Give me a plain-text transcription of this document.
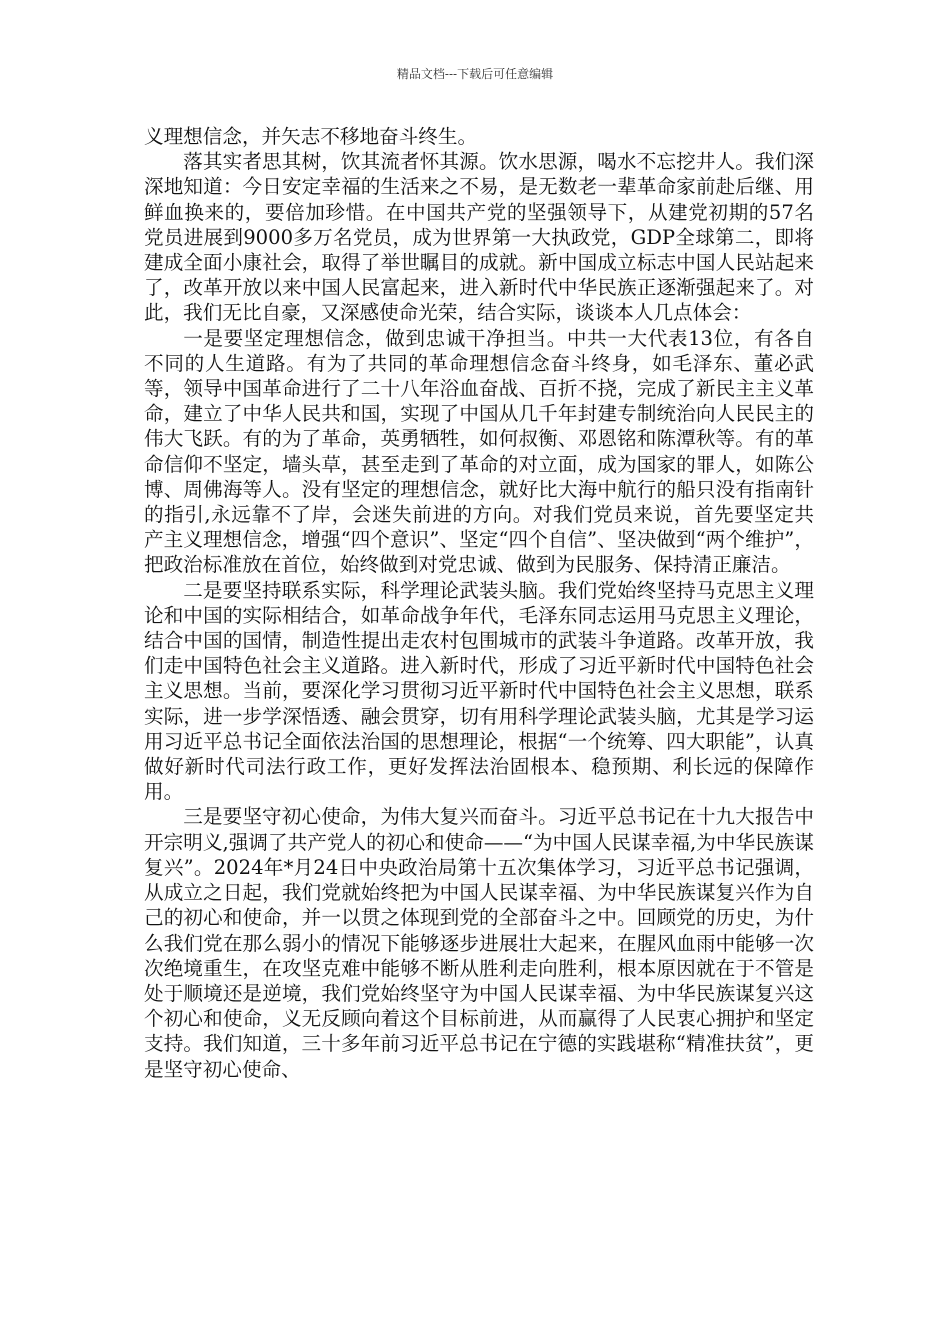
精品文档---下载后可任意编辑

义理想信念，并矢志不移地奋斗终生。

落其实者思其树，饮其流者怀其源。饮水思源，喝水不忘挖井人。我们深深地知道：今日安定幸福的生活来之不易，是无数老一辈革命家前赴后继、用鲜血换来的，要倍加珍惜。在中国共产党的坚强领导下，从建党初期的57名党员进展到9000多万名党员，成为世界第一大执政党，GDP全球第二，即将建成全面小康社会，取得了举世瞩目的成就。新中国成立标志中国人民站起来了，改革开放以来中国人民富起来，进入新时代中华民族正逐渐强起来了。对此，我们无比自豪，又深感使命光荣，结合实际，谈谈本人几点体会：

一是要坚定理想信念，做到忠诚干净担当。中共一大代表13位，有各自不同的人生道路。有为了共同的革命理想信念奋斗终身，如毛泽东、董必武等，领导中国革命进行了二十八年浴血奋战、百折不挠，完成了新民主主义革命，建立了中华人民共和国，实现了中国从几千年封建专制统治向人民民主的伟大飞跃。有的为了革命，英勇牺牲，如何叔衡、邓恩铭和陈潭秋等。有的革命信仰不坚定，墙头草，甚至走到了革命的对立面，成为国家的罪人，如陈公博、周佛海等人。没有坚定的理想信念，就好比大海中航行的船只没有指南针的指引,永远靠不了岸，会迷失前进的方向。对我们党员来说，首先要坚定共产主义理想信念，增强“四个意识”、坚定“四个自信”、坚决做到“两个维护”，把政治标准放在首位，始终做到对党忠诚、做到为民服务、保持清正廉洁。

二是要坚持联系实际，科学理论武装头脑。我们党始终坚持马克思主义理论和中国的实际相结合，如革命战争年代，毛泽东同志运用马克思主义理论，结合中国的国情，制造性提出走农村包围城市的武装斗争道路。改革开放，我们走中国特色社会主义道路。进入新时代，形成了习近平新时代中国特色社会主义思想。当前，要深化学习贯彻习近平新时代中国特色社会主义思想，联系实际，进一步学深悟透、融会贯穿，切有用科学理论武装头脑，尤其是学习运用习近平总书记全面依法治国的思想理论，根据“一个统筹、四大职能”，认真做好新时代司法行政工作，更好发挥法治固根本、稳预期、利长远的保障作用。

三是要坚守初心使命，为伟大复兴而奋斗。习近平总书记在十九大报告中开宗明义,强调了共产党人的初心和使命——“为中国人民谋幸福,为中华民族谋复兴”。2024年*月24日中央政治局第十五次集体学习，习近平总书记强调，从成立之日起，我们党就始终把为中国人民谋幸福、为中华民族谋复兴作为自己的初心和使命，并一以贯之体现到党的全部奋斗之中。回顾党的历史，为什么我们党在那么弱小的情况下能够逐步进展壮大起来，在腥风血雨中能够一次次绝境重生，在攻坚克难中能够不断从胜利走向胜利，根本原因就在于不管是处于顺境还是逆境，我们党始终坚守为中国人民谋幸福、为中华民族谋复兴这个初心和使命，义无反顾向着这个目标前进，从而赢得了人民衷心拥护和坚定支持。我们知道，三十多年前习近平总书记在宁德的实践堪称“精准扶贫”，更是坚守初心使命、
